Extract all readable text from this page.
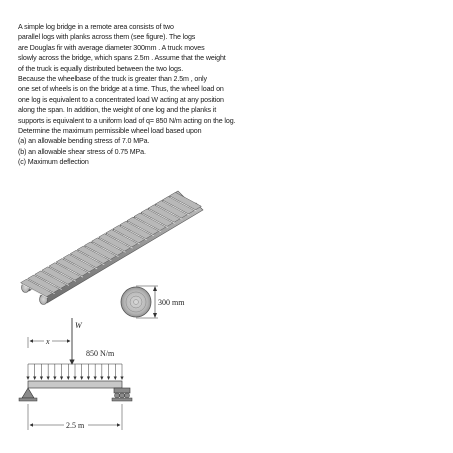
A simple log bridge in a remote area consists of two
parallel logs with planks across them (see figure). The logs
are Douglas fir with average diameter 300mm . A truck moves
slowly across the bridge, which spans 2.5m . Assume that the weight
of the truck is equally distributed between the two logs.
Because the wheelbase of the truck is greater than 2.5m , only
one set of wheels is on the bridge at a time. Thus, the wheel load on
one log is equivalent to a concentrated load W acting at any position
along the span. In addition, the weight of one log and the planks it
supports is equivalent to a uniform load of q= 850 N/m acting on the log.
Determine the maximum permissible wheel load based upon
(a) an allowable bending stress of 7.0 MPa.
(b) an allowable shear stress of 0.75 MPa.
(c) Maximum deflection
300 mm
x
W
850 N/m
2.5 m
